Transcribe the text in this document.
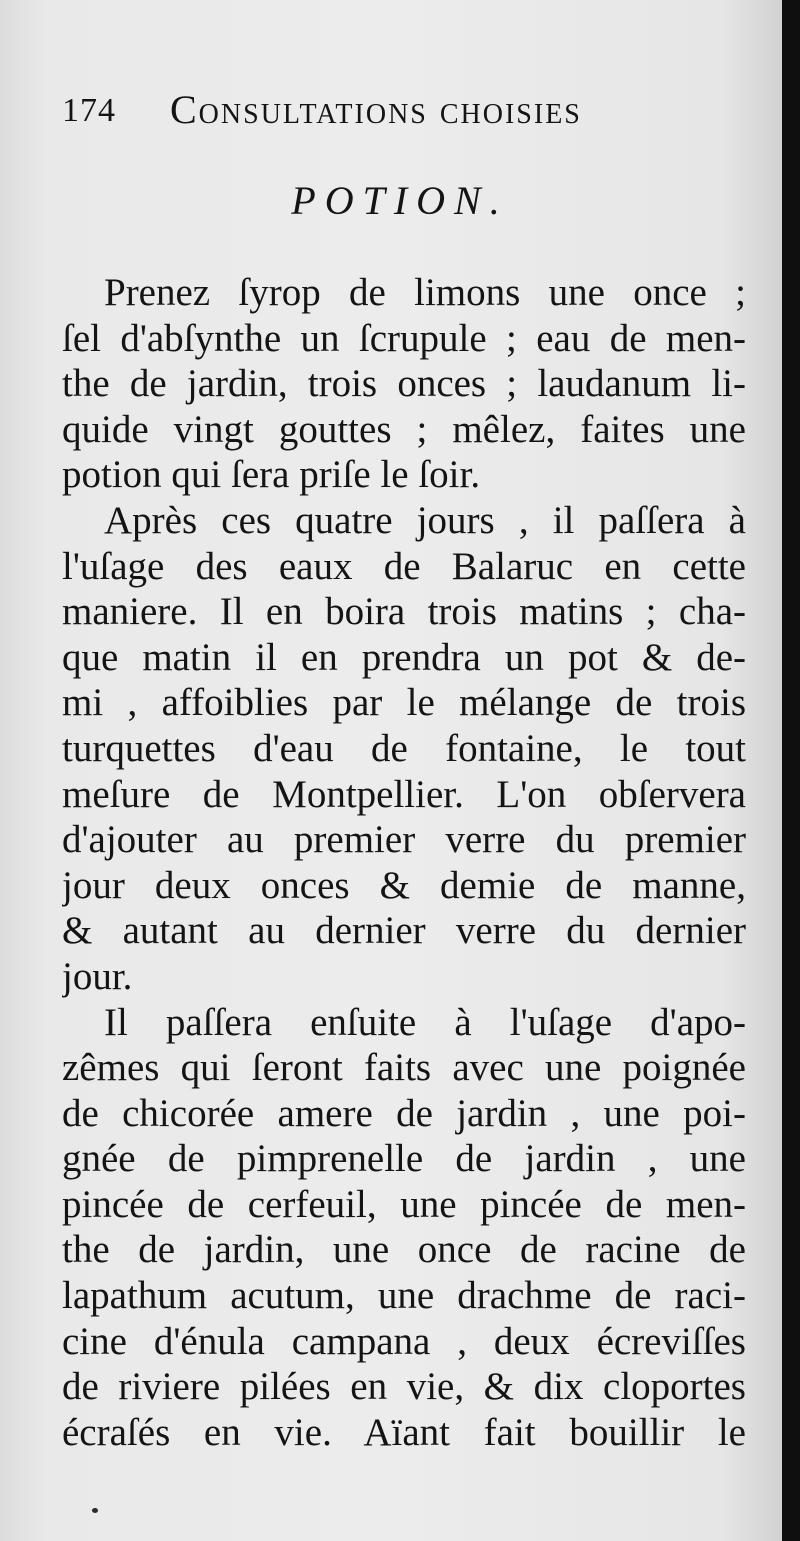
174 Consultations choisies
POTION.
Prenez ſyrop de limons une once ;
ſel d'abſynthe un ſcrupule ; eau de men-
the de jardin, trois onces ; laudanum li-
quide vingt gouttes ; mêlez, faites une
potion qui ſera priſe le ſoir.
Après ces quatre jours , il paſſera à
l'uſage des eaux de Balaruc en cette
maniere. Il en boira trois matins ; cha-
que matin il en prendra un pot & de-
mi , affoiblies par le mélange de trois
turquettes d'eau de fontaine, le tout
meſure de Montpellier. L'on obſervera
d'ajouter au premier verre du premier
jour deux onces & demie de manne,
& autant au dernier verre du dernier
jour.
Il paſſera enſuite à l'uſage d'apo-
zêmes qui ſeront faits avec une poignée
de chicorée amere de jardin , une poi-
gnée de pimprenelle de jardin , une
pincée de cerfeuil, une pincée de men-
the de jardin, une once de racine de
lapathum acutum, une drachme de raci-
cine d'énula campana , deux écreviſſes
de riviere pilées en vie, & dix cloportes
écraſés en vie. Aïant fait bouillir le
